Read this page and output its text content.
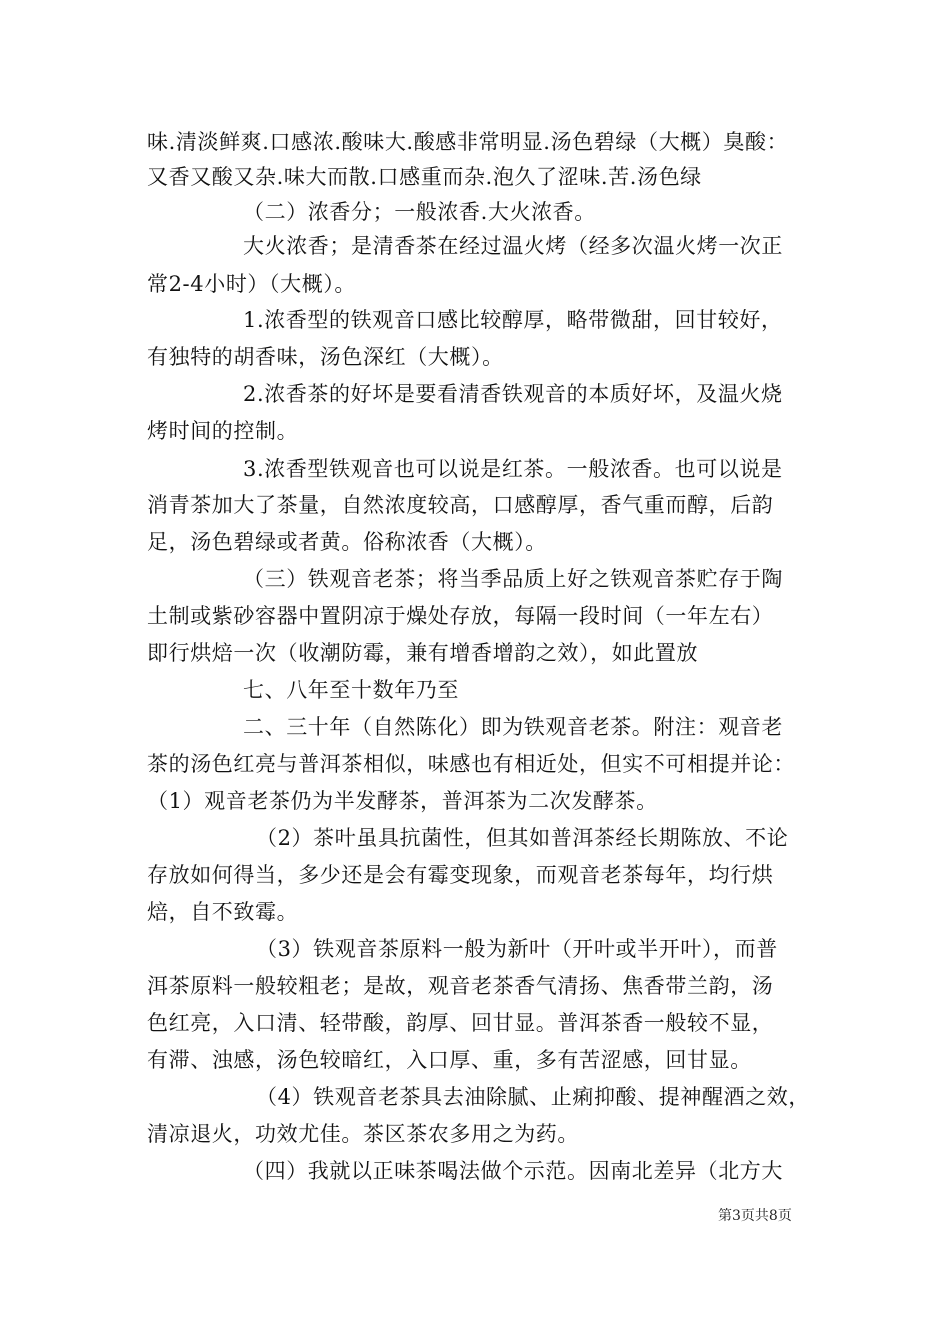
味.清淡鲜爽.口感浓.酸味大.酸感非常明显.汤色碧绿（大概）臭酸：
又香又酸又杂.味大而散.口感重而杂.泡久了涩味.苦.汤色绿
（二）浓香分；一般浓香.大火浓香。
大火浓香；是清香茶在经过温火烤（经多次温火烤一次正
常2-4小时）（大概）。
1.浓香型的铁观音口感比较醇厚，略带微甜，回甘较好，
有独特的胡香味，汤色深红（大概）。
2.浓香茶的好坏是要看清香铁观音的本质好坏，及温火烧
烤时间的控制。
3.浓香型铁观音也可以说是红茶。一般浓香。也可以说是
消青茶加大了茶量，自然浓度较高，口感醇厚，香气重而醇，后韵
足，汤色碧绿或者黄。俗称浓香（大概）。
（三）铁观音老茶；将当季品质上好之铁观音茶贮存于陶
土制或紫砂容器中置阴凉于燥处存放，每隔一段时间（一年左右）
即行烘焙一次（收潮防霉，兼有增香增韵之效），如此置放
七、八年至十数年乃至
二、三十年（自然陈化）即为铁观音老茶。附注：观音老
茶的汤色红亮与普洱茶相似，味感也有相近处，但实不可相提并论：
（1）观音老茶仍为半发酵茶，普洱茶为二次发酵茶。
（2）茶叶虽具抗菌性，但其如普洱茶经长期陈放、不论
存放如何得当，多少还是会有霉变现象，而观音老茶每年，均行烘
焙，自不致霉。
（3）铁观音茶原料一般为新叶（开叶或半开叶），而普
洱茶原料一般较粗老；是故，观音老茶香气清扬、焦香带兰韵，汤
色红亮，入口清、轻带酸，韵厚、回甘显。普洱茶香一般较不显，
有滞、浊感，汤色较暗红，入口厚、重，多有苦涩感，回甘显。
（4）铁观音老茶具去油除腻、止痢抑酸、提神醒酒之效，
清凉退火，功效尤佳。茶区茶农多用之为药。
（四）我就以正味茶喝法做个示范。因南北差异（北方大
第3页共8页
